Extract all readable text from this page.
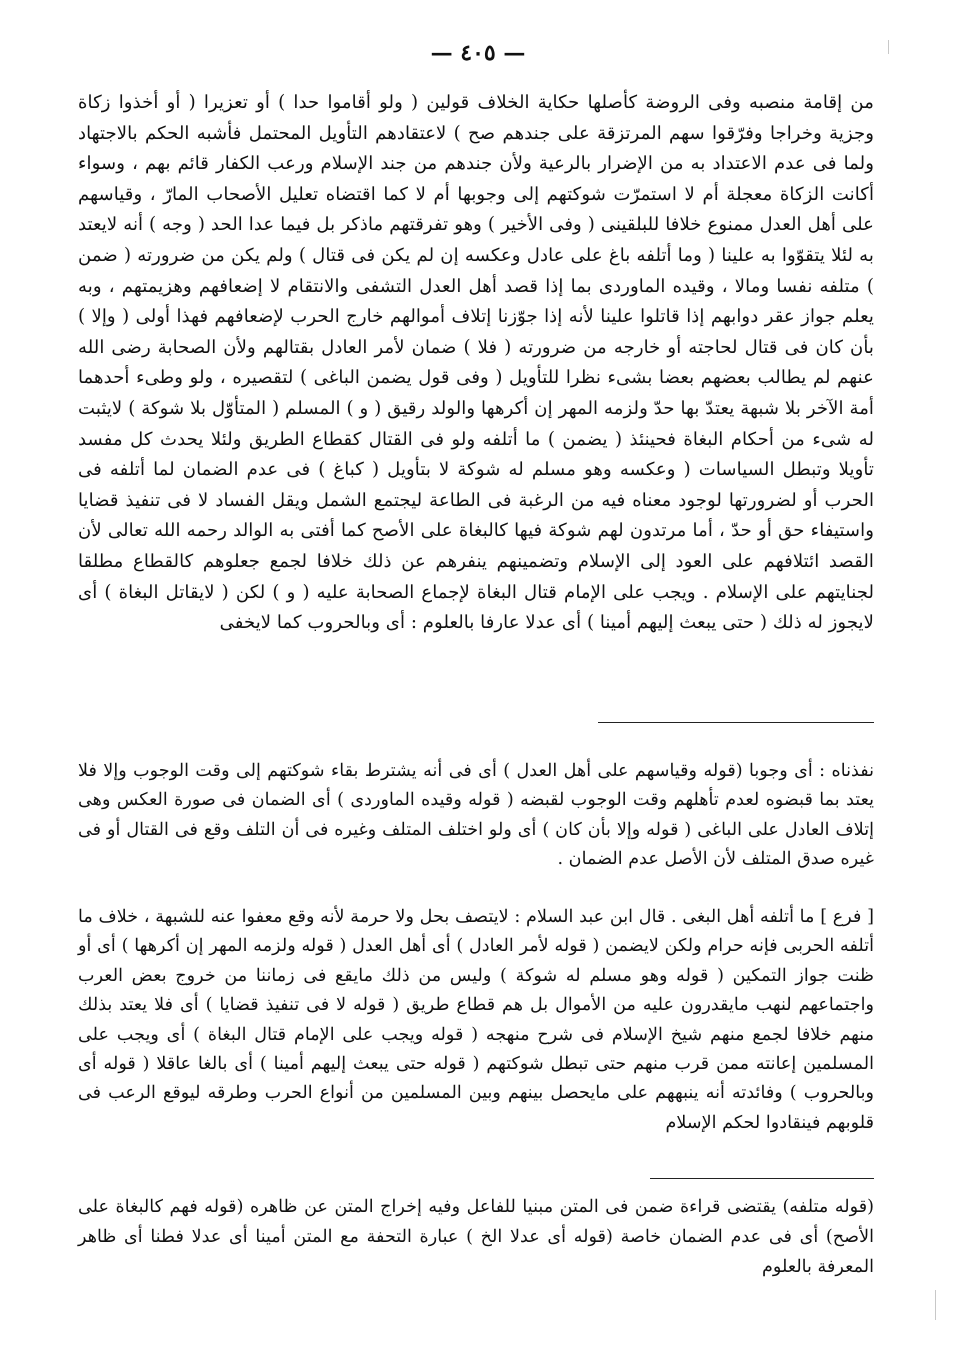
— ٤٠٥ —

من إقامة منصبه وفى الروضة كأصلها حكاية الخلاف قولين ( ولو أقاموا حدا ) أو تعزيرا ( أو أخذوا زكاة وجزية وخراجا وفرّقوا سهم المرتزقة على جندهم صح ) لاعتقادهم التأويل المحتمل فأشبه الحكم بالاجتهاد ولما فى عدم الاعتداد به من الإضرار بالرعية ولأن جندهم من جند الإسلام ورعب الكفار قائم بهم ، وسواء أكانت الزكاة معجلة أم لا استمرّت شوكتهم إلى وجوبها أم لا كما اقتضاه تعليل الأصحاب المارّ ، وقياسهم على أهل العدل ممنوع خلافا للبلقينى ( وفى الأخير ) وهو تفرقتهم ماذكر بل فيما عدا الحد ( وجه ) أنه لايعتد به لئلا يتقوّوا به علينا ( وما أتلفه باغ على عادل وعكسه إن لم يكن فى قتال ) ولم يكن من ضرورته ( ضمن ) متلفه نفسا ومالا ، وقيده الماوردى بما إذا قصد أهل العدل التشفى والانتقام لا إضعافهم وهزيمتهم ، وبه يعلم جواز عقر دوابهم إذا قاتلوا علينا لأنه إذا جوّزنا إتلاف أموالهم خارج الحرب لإضعافهم فهذا أولى ( وإلا ) بأن كان فى قتال لحاجته أو خارجه من ضرورته ( فلا ) ضمان لأمر العادل بقتالهم ولأن الصحابة رضى الله عنهم لم يطالب بعضهم بعضا بشىء نظرا للتأويل ( وفى قول يضمن الباغى ) لتقصيره ، ولو وطىء أحدهما أمة الآخر بلا شبهة يعتدّ بها حدّ ولزمه المهر إن أكرهها والولد رقيق ( و ) المسلم ( المتأوّل بلا شوكة ) لايثبت له شىء من أحكام البغاة فحينئذ ( يضمن ) ما أتلفه ولو فى القتال كقطاع الطريق ولئلا يحدث كل مفسد تأويلا وتبطل السياسات ( وعكسه وهو مسلم له شوكة لا بتأويل ( كباغ ) فى عدم الضمان لما أتلفه فى الحرب أو لضرورتها لوجود معناه فيه من الرغبة فى الطاعة ليجتمع الشمل ويقل الفساد لا فى تنفيذ قضايا واستيفاء حق أو حدّ ، أما مرتدون لهم شوكة فيها كالبغاة على الأصح كما أفتى به الوالد رحمه الله تعالى لأن القصد ائتلافهم على العود إلى الإسلام وتضمينهم ينفرهم عن ذلك خلافا لجمع جعلوهم كالقطاع مطلقا لجنايتهم على الإسلام . ويجب على الإمام قتال البغاة لإجماع الصحابة عليه ( و ) لكن ( لايقاتل البغاة ) أى لايجوز له ذلك ( حتى يبعث إليهم أمينا ) أى عدلا عارفا بالعلوم : أى وبالحروب كما لايخفى

نفذناه : أى وجوبا (قوله وقياسهم على أهل العدل ) أى فى أنه يشترط بقاء شوكتهم إلى وقت الوجوب وإلا فلا يعتد بما قبضوه لعدم تأهلهم وقت الوجوب لقبضه ( قوله وقيده الماوردى ) أى الضمان فى صورة العكس وهى إتلاف العادل على الباغى ( قوله وإلا بأن كان ) أى ولو اختلف المتلف وغيره فى أن التلف وقع فى القتال أو فى غيره صدق المتلف لأن الأصل عدم الضمان .

[ فرع ] ما أتلفه أهل البغى . قال ابن عبد السلام : لايتصف بحل ولا حرمة لأنه وقع معفوا عنه للشبهة ، خلاف ما أتلفه الحربى فإنه حرام ولكن لايضمن ( قوله لأمر العادل ) أى أهل العدل ( قوله ولزمه المهر إن أكرهها ) أى أو ظنت جواز التمكين ( قوله وهو مسلم له شوكة ) وليس من ذلك مايقع فى زماننا من خروج بعض العرب واجتماعهم لنهب مايقدرون عليه من الأموال بل هم قطاع طريق ( قوله لا فى تنفيذ قضايا ) أى فلا يعتد بذلك منهم خلافا لجمع منهم شيخ الإسلام فى شرح منهجه ( قوله ويجب على الإمام قتال البغاة ) أى ويجب على المسلمين إعانته ممن قرب منهم حتى تبطل شوكتهم ( قوله حتى يبعث إليهم أمينا ) أى بالغا عاقلا ( قوله أى وبالحروب ) وفائدته أنه ينبههم على مايحصل بينهم وبين المسلمين من أنواع الحرب وطرقه ليوقع الرعب فى قلوبهم فينقادوا لحكم الإسلام

(قوله متلفه) يقتضى قراءة ضمن فى المتن مبنيا للفاعل وفيه إخراج المتن عن ظاهره (قوله فهم كالبغاة على الأصح) أى فى عدم الضمان خاصة (قوله أى عدلا الخ ) عبارة التحفة مع المتن أمينا أى عدلا فطنا أى ظاهر المعرفة بالعلوم
